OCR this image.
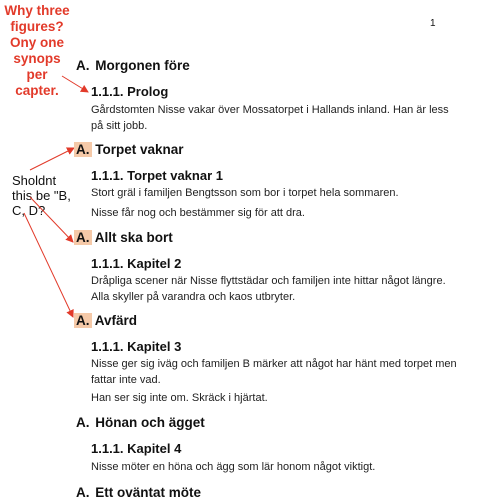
1
Why three figures? Ony one synops per capter.
Sholdnt this be "B, C, D?
A. Morgonen före
1.1.1. Prolog
Gårdstomten Nisse vakar över Mossatorpet i Hallands inland. Han är less på sitt jobb.
A. Torpet vaknar
1.1.1. Torpet vaknar 1
Stort gräl i familjen Bengtsson som bor i torpet hela sommaren.
Nisse får nog och bestämmer sig för att dra.
A. Allt ska bort
1.1.1. Kapitel 2
Dråpliga scener när Nisse flyttstädar och familjen inte hittar något längre. Alla skyller på varandra och kaos utbryter.
A. Avfärd
1.1.1. Kapitel 3
Nisse ger sig iväg och familjen B märker att något har hänt med torpet men fattar inte vad.
Han ser sig inte om. Skräck i hjärtat.
A. Hönan och ägget
1.1.1. Kapitel 4
Nisse möter en höna och ägg som lär honom något viktigt.
A. Ett oväntat möte
